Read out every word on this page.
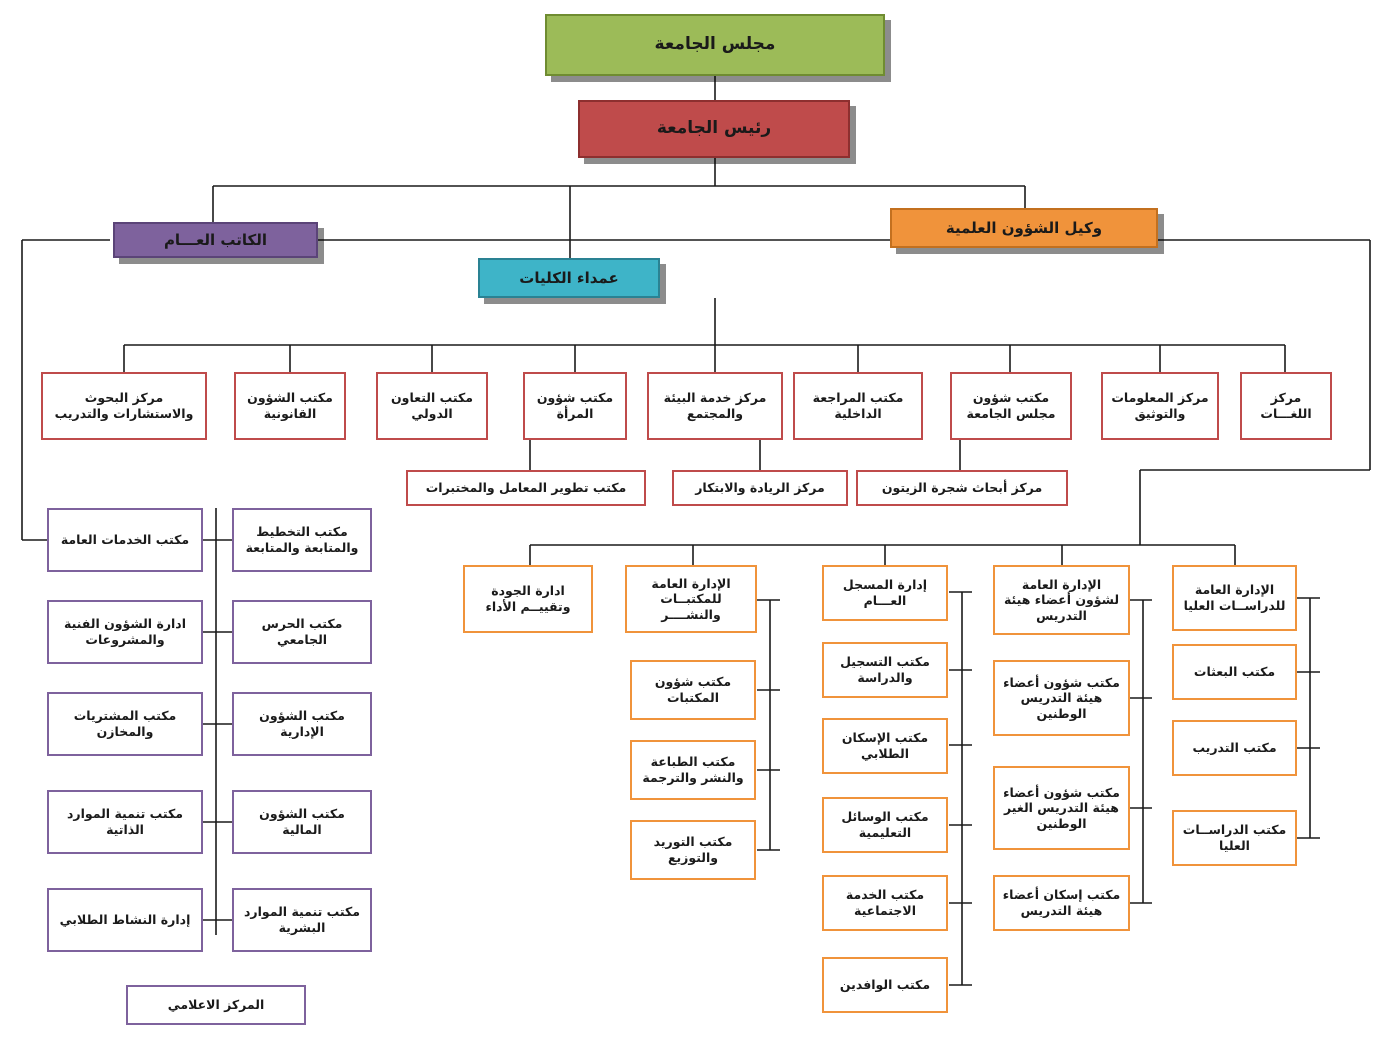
مجلس الجامعة
رئيس الجامعة
الكاتب العـــام
عمداء الكليات
وكيل الشؤون العلمية
مركز البحوث والاستشارات والتدريب
مكتب الشؤون القانونية
مكتب التعاون الدولي
مكتب شؤون المرأة
مركز خدمة البيئة والمجتمع
مكتب المراجعة الداخلية
مكتب شؤون مجلس الجامعة
مركز المعلومات والتوثيق
مركز اللغـــات
مكتب تطوير المعامل والمختبرات	مركز الريادة والابتكار	مركز أبحاث شجرة الزيتون
مكتب الخدمات العامة
ادارة الشؤون الفنية والمشروعات
مكتب المشتريات والمخازن
مكتب تنمية الموارد الذاتية
إدارة النشاط الطلابي
مكتب التخطيط والمتابعة والمتابعة
مكتب الحرس الجامعي
مكتب الشؤون الإدارية
مكتب الشؤون المالية
مكتب تنمية الموارد البشرية
المركز الاعلامي
ادارة الجودة وتقييــم الأداء
الإدارة العامة للمكتبــات والنشــــر
مكتب شؤون المكتبات
مكتب الطباعة والنشر والترجمة
مكتب التوريد والتوزيع
إدارة المسجل العـــام
مكتب التسجيل والدراسة
مكتب الإسكان الطلابي
مكتب الوسائل التعليمية
مكتب الخدمة الاجتماعية
مكتب الوافدين
الإدارة العامة لشؤون أعضاء هيئة التدريس
مكتب شؤون أعضاء هيئة التدريس الوطنين
مكتب شؤون أعضاء هيئة التدريس الغير الوطنين
مكتب إسكان أعضاء هيئة التدريس
الإدارة العامة للدراســات العليا
مكتب البعثات
مكتب التدريب
مكتب الدراســات العليا
